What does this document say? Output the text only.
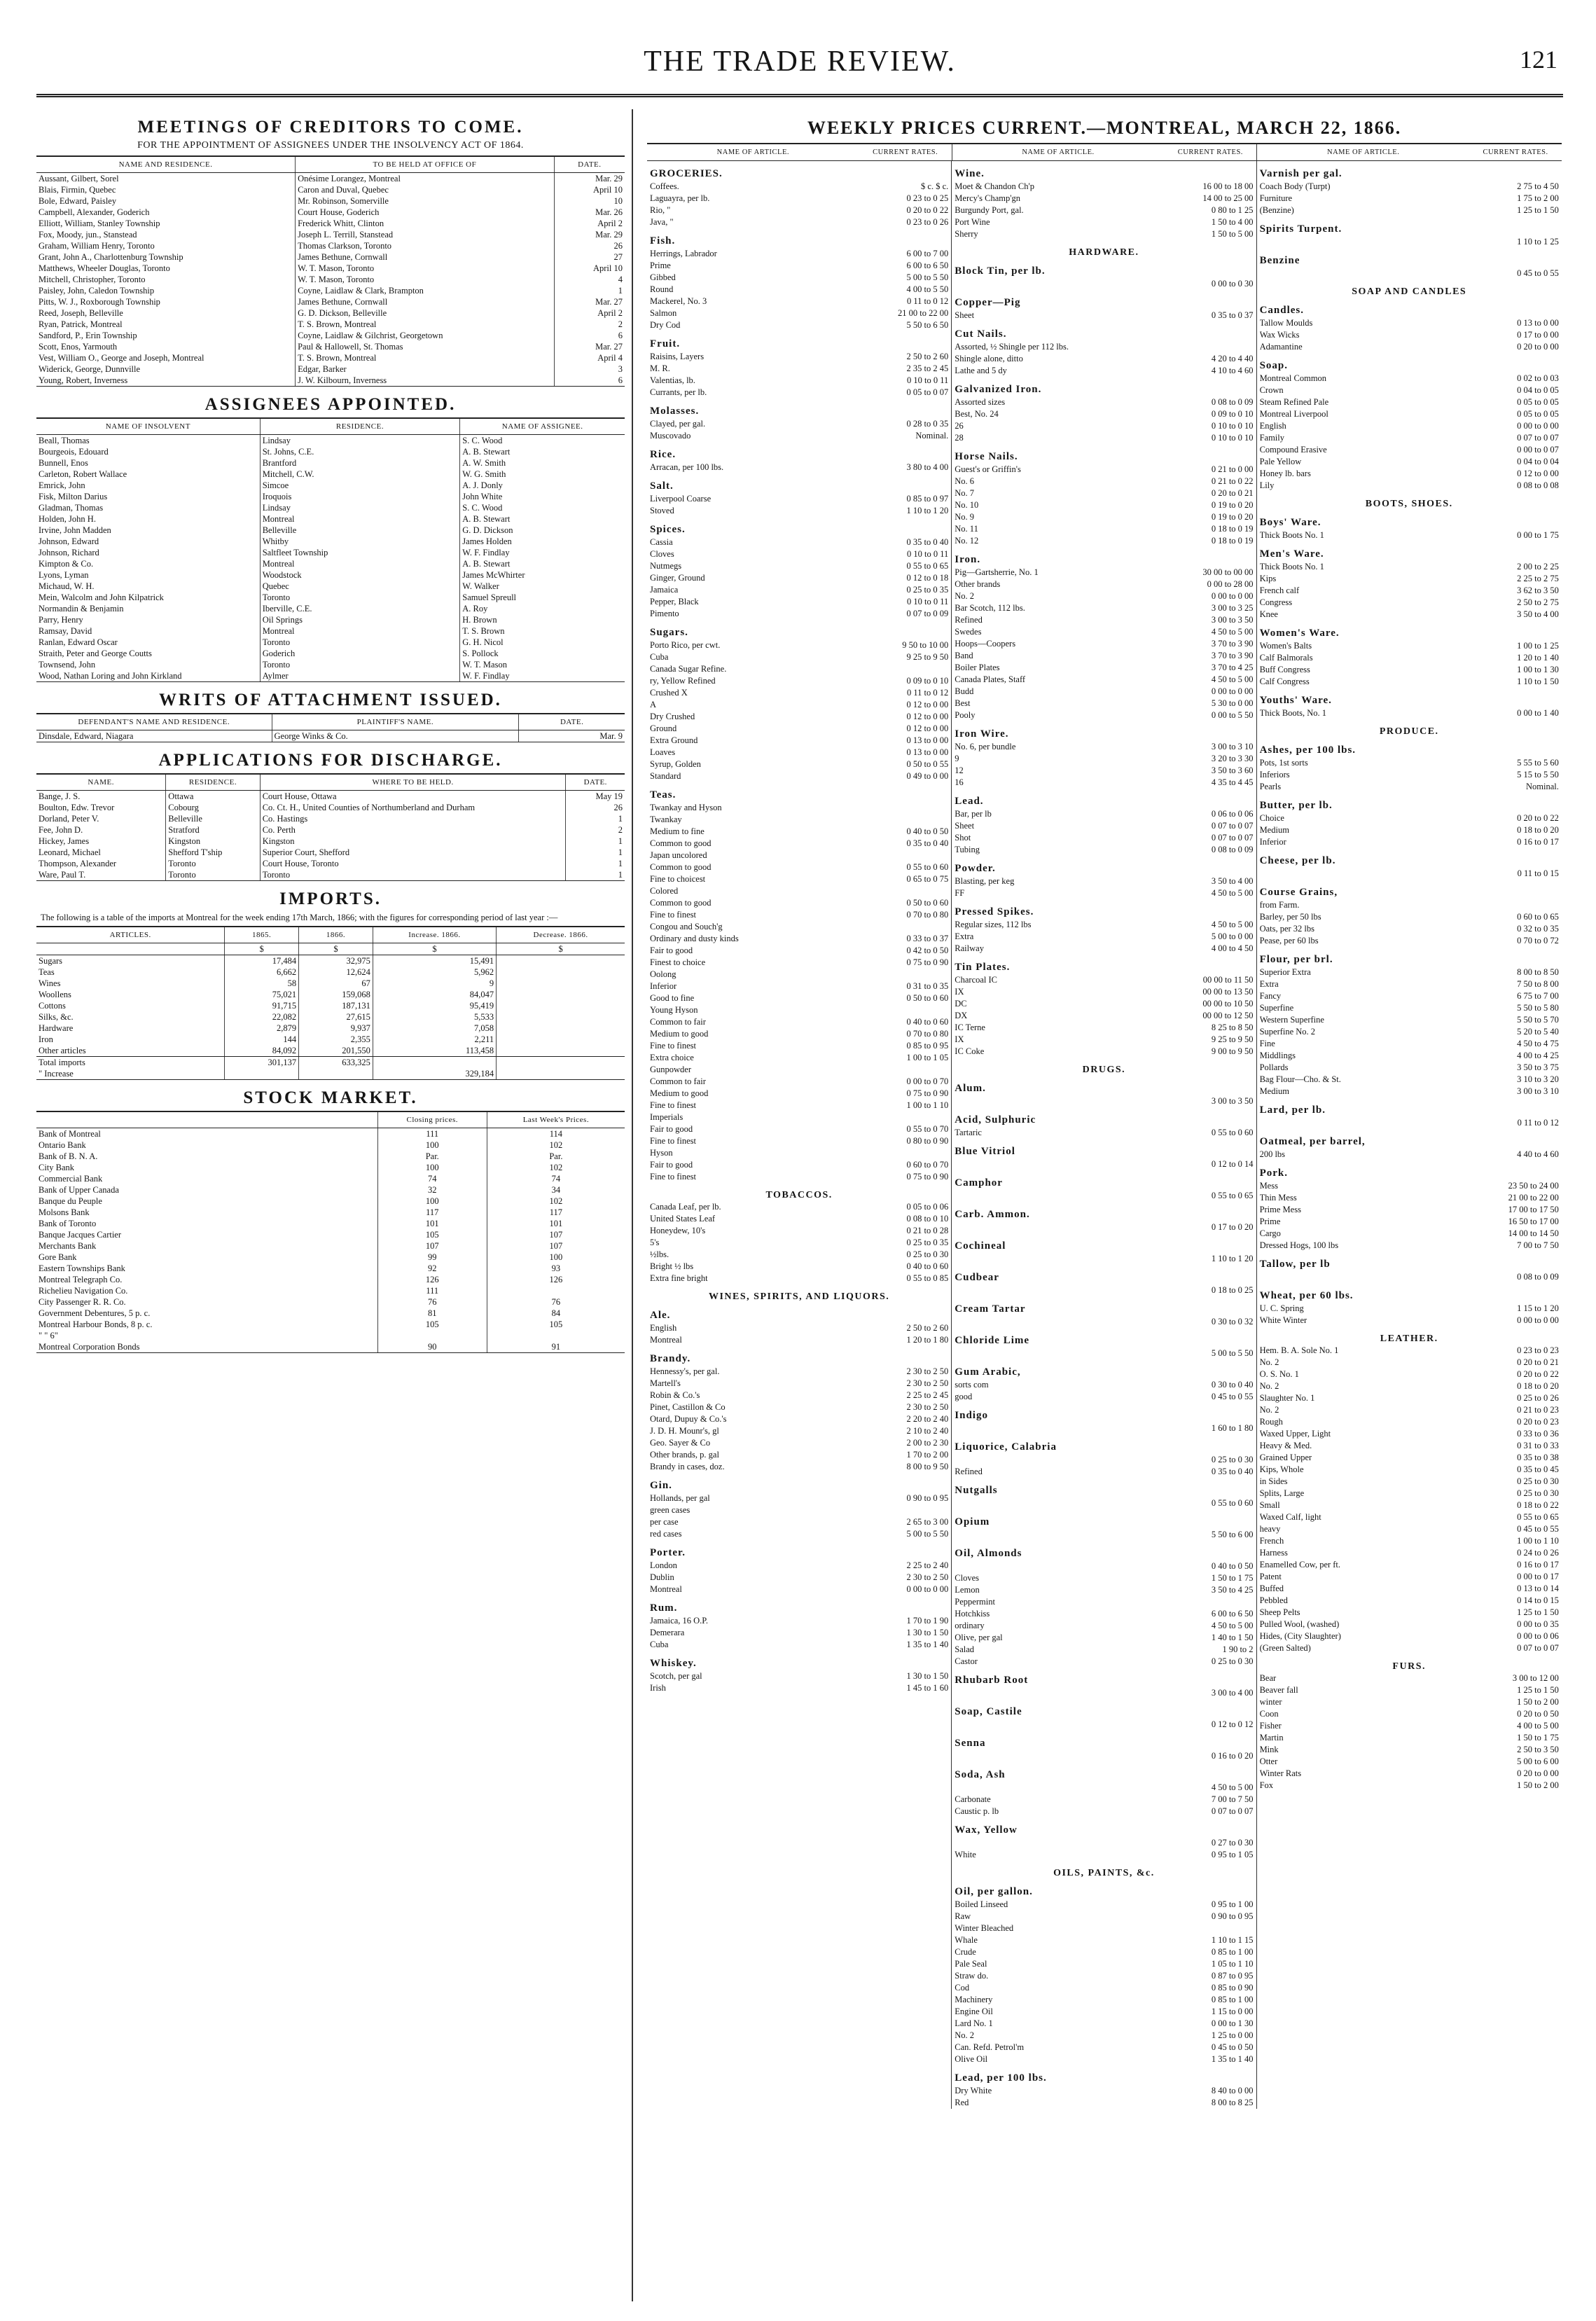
THE TRADE REVIEW.	121
MEETINGS OF CREDITORS TO COME.
FOR THE APPOINTMENT OF ASSIGNEES UNDER THE INSOLVENCY ACT OF 1864.
NAME AND RESIDENCE.	TO BE HELD AT OFFICE OF	DATE.
Aussant, Gilbert, Sorel	Onésime Lorangez, Montreal	Mar. 29
Blais, Firmin, Quebec	Caron and Duval, Quebec	April 10
Bole, Edward, Paisley	Mr. Robinson, Somerville	10
Campbell, Alexander, Goderich	Court House, Goderich	Mar. 26
Elliott, William, Stanley Township	Frederick Whitt, Clinton	April 2
Fox, Moody, jun., Stanstead	Joseph L. Terrill, Stanstead	Mar. 29
Graham, William Henry, Toronto	Thomas Clarkson, Toronto	26
Grant, John A., Charlottenburg Township	James Bethune, Cornwall	27
Matthews, Wheeler Douglas, Toronto	W. T. Mason, Toronto	April 10
Mitchell, Christopher, Toronto	W. T. Mason, Toronto	4
Paisley, John, Caledon Township	Coyne, Laidlaw & Clark, Brampton	1
Pitts, W. J., Roxborough Township	James Bethune, Cornwall	Mar. 27
Reed, Joseph, Belleville	G. D. Dickson, Belleville	April 2
Ryan, Patrick, Montreal	T. S. Brown, Montreal	2
Sandford, P., Erin Township	Coyne, Laidlaw & Gilchrist, Georgetown	6
Scott, Enos, Yarmouth	Paul & Hallowell, St. Thomas	Mar. 27
Vest, William O., George and Joseph, Montreal	T. S. Brown, Montreal	April 4
Widerick, George, Dunnville	Edgar, Barker	3
Young, Robert, Inverness	J. W. Kilbourn, Inverness	6
ASSIGNEES APPOINTED.
NAME OF INSOLVENT	RESIDENCE.	NAME OF ASSIGNEE.
Beall, Thomas	Lindsay	S. C. Wood
Bourgeois, Edouard	St. Johns, C.E.	A. B. Stewart
Bunnell, Enos	Brantford	A. W. Smith
Carleton, Robert Wallace	Mitchell, C.W.	W. G. Smith
Emrick, John	Simcoe	A. J. Donly
Fisk, Milton Darius	Iroquois	John White
Gladman, Thomas	Lindsay	S. C. Wood
Holden, John H.	Montreal	A. B. Stewart
Irvine, John Madden	Belleville	G. D. Dickson
Johnson, Edward	Whitby	James Holden
Johnson, Richard	Saltfleet Township	W. F. Findlay
Kimpton & Co.	Montreal	A. B. Stewart
Lyons, Lyman	Woodstock	James McWhirter
Michaud, W. H.	Quebec	W. Walker
Mein, Walcolm and John Kilpatrick	Toronto	Samuel Spreull
Normandin & Benjamin	Iberville, C.E.	A. Roy
Parry, Henry	Oil Springs	H. Brown
Ramsay, David	Montreal	T. S. Brown
Ranlan, Edward Oscar	Toronto	G. H. Nicol
Straith, Peter and George Coutts	Goderich	S. Pollock
Townsend, John	Toronto	W. T. Mason
Wood, Nathan Loring and John Kirkland	Aylmer	W. F. Findlay
WRITS OF ATTACHMENT ISSUED.
DEFENDANT'S NAME AND RESIDENCE.	PLAINTIFF'S NAME.	DATE.
Dinsdale, Edward, Niagara	George Winks & Co.	Mar. 9
APPLICATIONS FOR DISCHARGE.
NAME.	RESIDENCE.	WHERE TO BE HELD.	DATE.
Bange, J. S.	Ottawa	Court House, Ottawa	May 19
Boulton, Edw. Trevor	Cobourg	Co. Ct. H., United Counties of Northumberland and Durham	26
Dorland, Peter V.	Belleville	Co. Hastings	1
Fee, John D.	Stratford	Co. Perth	2
Hickey, James	Kingston	Kingston	1
Leonard, Michael	Shefford T'ship	Superior Court, Shefford	1
Thompson, Alexander	Toronto	Court House, Toronto	1
Ware, Paul T.	Toronto	Toronto	1
IMPORTS.
The following is a table of the imports at Montreal for the week ending 17th March, 1866; with the figures for corresponding period of last year :—
ARTICLES.	1865.	1866.	Increase. 1866.	Decrease. 1866.
	$	$	$	$
Sugars	17,484	32,975	15,491	
Teas	6,662	12,624	5,962	
Wines	58	67	9	
Woollens	75,021	159,068	84,047	
Cottons	91,715	187,131	95,419	
Silks, &c.	22,082	27,615	5,533	
Hardware	2,879	9,937	7,058	
Iron	144	2,355	2,211	
Other articles	84,092	201,550	113,458	
Total imports	301,137	633,325		
" Increase			329,184	
STOCK MARKET.
	Closing prices.	Last Week's Prices.
Bank of Montreal	111	114
Ontario Bank	100	102
Bank of B. N. A.	Par.	Par.
City Bank	100	102
Commercial Bank	74	74
Bank of Upper Canada	32	34
Banque du Peuple	100	102
Molsons Bank	117	117
Bank of Toronto	101	101
Banque Jacques Cartier	105	107
Merchants Bank	107	107
Gore Bank	99	100
Eastern Townships Bank	92	93
Montreal Telegraph Co.	126	126
Richelieu Navigation Co.	111	
City Passenger R. R. Co.	76	76
Government Debentures, 5 p. c.	81	84
Montreal Harbour Bonds, 8 p. c.	105	105
" " 6"		
Montreal Corporation Bonds	90	91
WEEKLY PRICES CURRENT.—MONTREAL, MARCH 22, 1866.
NAME OF ARTICLE.	CURRENT RATES.	NAME OF ARTICLE.	CURRENT RATES.	NAME OF ARTICLE.	CURRENT RATES.
GROCERIES.
Coffees.	$ c. $ c.
Laguayra, per lb.	0 23 to 0 25
Rio, "	0 20 to 0 22
Java, "	0 23 to 0 26
Fish.
Herrings, Labrador	6 00 to 7 00
Prime	6 00 to 6 50
Gibbed	5 00 to 5 50
Round	4 00 to 5 50
Mackerel, No. 3	0 11 to 0 12
Salmon	21 00 to 22 00
Dry Cod	5 50 to 6 50
Fruit.
Raisins, Layers	2 50 to 2 60
M. R.	2 35 to 2 45
Valentias, lb.	0 10 to 0 11
Currants, per lb.	0 05 to 0 07
Molasses.
Clayed, per gal.	0 28 to 0 35
Muscovado	Nominal.
Rice.
Arracan, per 100 lbs.	3 80 to 4 00
Salt.
Liverpool Coarse	0 85 to 0 97
Stoved	1 10 to 1 20
Spices.
Cassia	0 35 to 0 40
Cloves	0 10 to 0 11
Nutmegs	0 55 to 0 65
Ginger, Ground	0 12 to 0 18
Jamaica	0 25 to 0 35
Pepper, Black	0 10 to 0 11
Pimento	0 07 to 0 09
Sugars.
Porto Rico, per cwt.	9 50 to 10 00
Cuba	9 25 to 9 50
Canada Sugar Refine.
ry, Yellow Refined	0 09 to 0 10
Crushed X	0 11 to 0 12
A	0 12 to 0 00
Dry Crushed	0 12 to 0 00
Ground	0 12 to 0 00
Extra Ground	0 13 to 0 00
Loaves	0 13 to 0 00
Syrup, Golden	0 50 to 0 55
Standard	0 49 to 0 00
Teas.
Twankay and Hyson
Twankay
Medium to fine	0 40 to 0 50
Common to good	0 35 to 0 40
Japan uncolored
Common to good	0 55 to 0 60
Fine to choicest	0 65 to 0 75
Colored
Common to good	0 50 to 0 60
Fine to finest	0 70 to 0 80
Congou and Souch'g
Ordinary and dusty kinds	0 33 to 0 37
Fair to good	0 42 to 0 50
Finest to choice	0 75 to 0 90
Oolong
Inferior	0 31 to 0 35
Good to fine	0 50 to 0 60
Young Hyson
Common to fair	0 40 to 0 60
Medium to good	0 70 to 0 80
Fine to finest	0 85 to 0 95
Extra choice	1 00 to 1 05
Gunpowder
Common to fair	0 00 to 0 70
Medium to good	0 75 to 0 90
Fine to finest	1 00 to 1 10
Imperials
Fair to good	0 55 to 0 70
Fine to finest	0 80 to 0 90
Hyson
Fair to good	0 60 to 0 70
Fine to finest	0 75 to 0 90
TOBACCOS.
Canada Leaf, per lb.	0 05 to 0 06
United States Leaf	0 08 to 0 10
Honeydew, 10's	0 21 to 0 28
5's	0 25 to 0 35
½lbs.	0 25 to 0 30
Bright ½ lbs	0 40 to 0 60
Extra fine bright	0 55 to 0 85
WINES, SPIRITS, AND LIQUORS.
Ale.
English	2 50 to 2 60
Montreal	1 20 to 1 80
Brandy.
Hennessy's, per gal.	2 30 to 2 50
Martell's	2 30 to 2 50
Robin & Co.'s	2 25 to 2 45
Pinet, Castillon & Co	2 30 to 2 50
Otard, Dupuy & Co.'s	2 20 to 2 40
J. D. H. Mounr's, gl	2 10 to 2 40
Geo. Sayer & Co	2 00 to 2 30
Other brands, p. gal	1 70 to 2 00
Brandy in cases, doz.	8 00 to 9 50
Gin.
Hollands, per gal	0 90 to 0 95
green cases
per case	2 65 to 3 00
red cases	5 00 to 5 50
Porter.
London	2 25 to 2 40
Dublin	2 30 to 2 50
Montreal	0 00 to 0 00
Rum.
Jamaica, 16 O.P.	1 70 to 1 90
Demerara	1 30 to 1 50
Cuba	1 35 to 1 40
Whiskey.
Scotch, per gal	1 30 to 1 50
Irish	1 45 to 1 60
Wine.
Moet & Chandon Ch'p	16 00 to 18 00
Mercy's Champ'gn	14 00 to 25 00
Burgundy Port, gal.	0 80 to 1 25
Port Wine	1 50 to 4 00
Sherry	1 50 to 5 00
HARDWARE.
Block Tin, per lb.
0 00 to 0 30
Copper—Pig
Sheet	0 35 to 0 37
Cut Nails.
Assorted, ½ Shingle per 112 lbs.
Shingle alone, ditto	4 20 to 4 40
Lathe and 5 dy	4 10 to 4 60
Galvanized Iron.
Assorted sizes	0 08 to 0 09
Best, No. 24	0 09 to 0 10
26	0 10 to 0 10
28	0 10 to 0 10
Horse Nails.
Guest's or Griffin's	0 21 to 0 00
No. 6	0 21 to 0 22
No. 7	0 20 to 0 21
No. 10	0 19 to 0 20
No. 9	0 19 to 0 20
No. 11	0 18 to 0 19
No. 12	0 18 to 0 19
Iron.
Pig—Gartsherrie, No. 1	30 00 to 00 00
Other brands	0 00 to 28 00
No. 2	0 00 to 0 00
Bar Scotch, 112 lbs.	3 00 to 3 25
Refined	3 00 to 3 50
Swedes	4 50 to 5 00
Hoops—Coopers	3 70 to 3 90
Band	3 70 to 3 90
Boiler Plates	3 70 to 4 25
Canada Plates, Staff	4 50 to 5 00
Budd	0 00 to 0 00
Best	5 30 to 0 00
Pooly	0 00 to 5 50
Iron Wire.
No. 6, per bundle	3 00 to 3 10
9	3 20 to 3 30
12	3 50 to 3 60
16	4 35 to 4 45
Lead.
Bar, per lb	0 06 to 0 06
Sheet	0 07 to 0 07
Shot	0 07 to 0 07
Tubing	0 08 to 0 09
Powder.
Blasting, per keg	3 50 to 4 00
FF	4 50 to 5 00
Pressed Spikes.
Regular sizes, 112 lbs	4 50 to 5 00
Extra	5 00 to 0 00
Railway	4 00 to 4 50
Tin Plates.
Charcoal IC	00 00 to 11 50
IX	00 00 to 13 50
DC	00 00 to 10 50
DX	00 00 to 12 50
IC Terne	8 25 to 8 50
IX	9 25 to 9 50
IC Coke	9 00 to 9 50
DRUGS.
Alum.
3 00 to 3 50
Acid, Sulphuric
Tartaric	0 55 to 0 60
Blue Vitriol
0 12 to 0 14
Camphor
0 55 to 0 65
Carb. Ammon.
0 17 to 0 20
Cochineal
1 10 to 1 20
Cudbear
0 18 to 0 25
Cream Tartar
0 30 to 0 32
Chloride Lime
5 00 to 5 50
Gum Arabic,
sorts com	0 30 to 0 40
good	0 45 to 0 55
Indigo
1 60 to 1 80
Liquorice, Calabria
0 25 to 0 30
Refined	0 35 to 0 40
Nutgalls
0 55 to 0 60
Opium
5 50 to 6 00
Oil, Almonds
0 40 to 0 50
Cloves	1 50 to 1 75
Lemon	3 50 to 4 25
Peppermint
Hotchkiss	6 00 to 6 50
ordinary	4 50 to 5 00
Olive, per gal	1 40 to 1 50
Salad	1 90 to 2
Castor	0 25 to 0 30
Rhubarb Root
3 00 to 4 00
Soap, Castile
0 12 to 0 12
Senna
0 16 to 0 20
Soda, Ash
4 50 to 5 00
Carbonate	7 00 to 7 50
Caustic p. lb	0 07 to 0 07
Wax, Yellow
0 27 to 0 30
White	0 95 to 1 05
OILS, PAINTS, &c.
Oil, per gallon.
Boiled Linseed	0 95 to 1 00
Raw	0 90 to 0 95
Winter Bleached
Whale	1 10 to 1 15
Crude	0 85 to 1 00
Pale Seal	1 05 to 1 10
Straw do.	0 87 to 0 95
Cod	0 85 to 0 90
Machinery	0 85 to 1 00
Engine Oil	1 15 to 0 00
Lard No. 1	0 00 to 1 30
No. 2	1 25 to 0 00
Can. Refd. Petrol'm	0 45 to 0 50
Olive Oil	1 35 to 1 40
Lead, per 100 lbs.
Dry White	8 40 to 0 00
Red	8 00 to 8 25
Varnish per gal.
Coach Body (Turpt)	2 75 to 4 50
Furniture	1 75 to 2 00
(Benzine)	1 25 to 1 50
Spirits Turpent.
1 10 to 1 25
Benzine
0 45 to 0 55
SOAP AND CANDLES
Candles.
Tallow Moulds	0 13 to 0 00
Wax Wicks	0 17 to 0 00
Adamantine	0 20 to 0 00
Soap.
Montreal Common	0 02 to 0 03
Crown	0 04 to 0 05
Steam Refined Pale	0 05 to 0 05
Montreal Liverpool	0 05 to 0 05
English	0 00 to 0 00
Family	0 07 to 0 07
Compound Erasive	0 00 to 0 07
Pale Yellow	0 04 to 0 04
Honey lb. bars	0 12 to 0 00
Lily	0 08 to 0 08
BOOTS, SHOES.
Boys' Ware.
Thick Boots No. 1	0 00 to 1 75
Men's Ware.
Thick Boots No. 1	2 00 to 2 25
Kips	2 25 to 2 75
French calf	3 62 to 3 50
Congress	2 50 to 2 75
Knee	3 50 to 4 00
Women's Ware.
Women's Balts	1 00 to 1 25
Calf Balmorals	1 20 to 1 40
Buff Congress	1 00 to 1 30
Calf Congress	1 10 to 1 50
Youths' Ware.
Thick Boots, No. 1	0 00 to 1 40
PRODUCE.
Ashes, per 100 lbs.
Pots, 1st sorts	5 55 to 5 60
Inferiors	5 15 to 5 50
Pearls	Nominal.
Butter, per lb.
Choice	0 20 to 0 22
Medium	0 18 to 0 20
Inferior	0 16 to 0 17
Cheese, per lb.
0 11 to 0 15
Course Grains,
from Farm.
Barley, per 50 lbs	0 60 to 0 65
Oats, per 32 lbs	0 32 to 0 35
Pease, per 60 lbs	0 70 to 0 72
Flour, per brl.
Superior Extra	8 00 to 8 50
Extra	7 50 to 8 00
Fancy	6 75 to 7 00
Superfine	5 50 to 5 80
Western Superfine	5 50 to 5 70
Superfine No. 2	5 20 to 5 40
Fine	4 50 to 4 75
Middlings	4 00 to 4 25
Pollards	3 50 to 3 75
Bag Flour—Cho. & St.	3 10 to 3 20
Medium	3 00 to 3 10
Lard, per lb.
0 11 to 0 12
Oatmeal, per barrel,
200 lbs	4 40 to 4 60
Pork.
Mess	23 50 to 24 00
Thin Mess	21 00 to 22 00
Prime Mess	17 00 to 17 50
Prime	16 50 to 17 00
Cargo	14 00 to 14 50
Dressed Hogs, 100 lbs	7 00 to 7 50
Tallow, per lb
0 08 to 0 09
Wheat, per 60 lbs.
U. C. Spring	1 15 to 1 20
White Winter	0 00 to 0 00
LEATHER.
Hem. B. A. Sole No. 1	0 23 to 0 23
No. 2	0 20 to 0 21
O. S. No. 1	0 20 to 0 22
No. 2	0 18 to 0 20
Slaughter No. 1	0 25 to 0 26
No. 2	0 21 to 0 23
Rough	0 20 to 0 23
Waxed Upper, Light	0 33 to 0 36
Heavy & Med.	0 31 to 0 33
Grained Upper	0 35 to 0 38
Kips, Whole	0 35 to 0 45
in Sides	0 25 to 0 30
Splits, Large	0 25 to 0 30
Small	0 18 to 0 22
Waxed Calf, light	0 55 to 0 65
heavy	0 45 to 0 55
French	1 00 to 1 10
Harness	0 24 to 0 26
Enamelled Cow, per ft.	0 16 to 0 17
Patent	0 00 to 0 17
Buffed	0 13 to 0 14
Pebbled	0 14 to 0 15
Sheep Pelts	1 25 to 1 50
Pulled Wool, (washed)	0 00 to 0 35
Hides, (City Slaughter)	0 00 to 0 06
(Green Salted)	0 07 to 0 07
FURS.
Bear	3 00 to 12 00
Beaver fall	1 25 to 1 50
winter	1 50 to 2 00
Coon	0 20 to 0 50
Fisher	4 00 to 5 00
Martin	1 50 to 1 75
Mink	2 50 to 3 50
Otter	5 00 to 6 00
Winter Rats	0 20 to 0 00
Fox	1 50 to 2 00
